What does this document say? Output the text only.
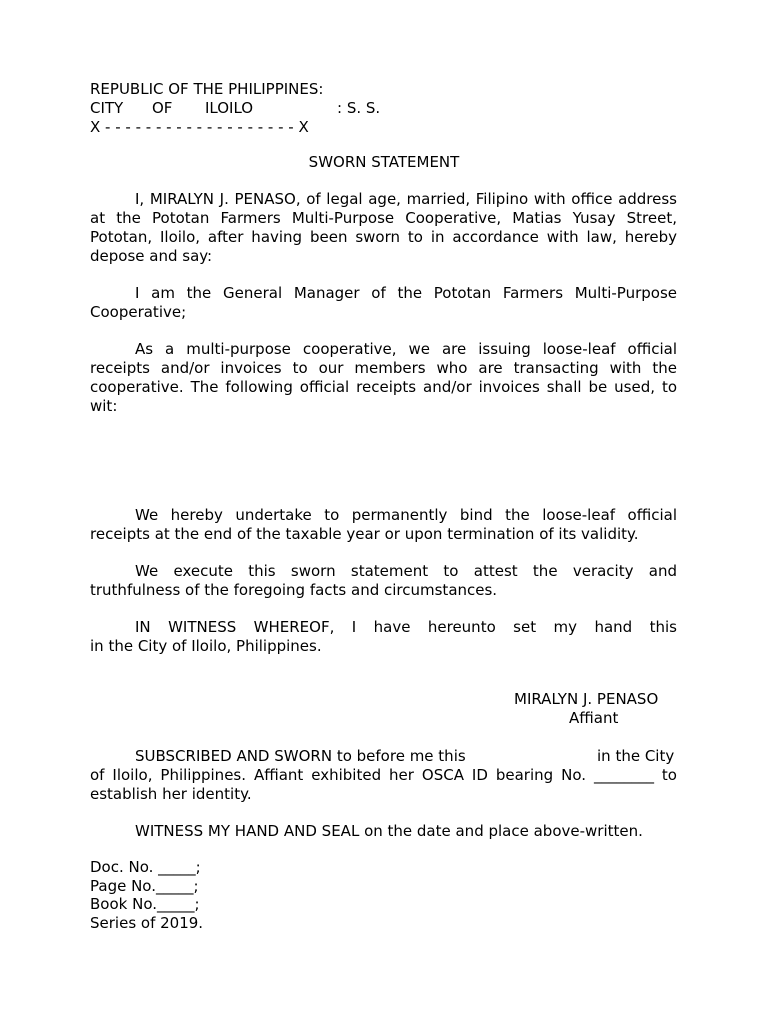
REPUBLIC OF THE PHILIPPINES:
CITY OF ILOILO	: S. S.
X - - - - - - - - - - - - - - - - - - - X
SWORN STATEMENT
I, MIRALYN J. PENASO, of legal age, married, Filipino with office address at the Pototan Farmers Multi-Purpose Cooperative, Matias Yusay Street, Pototan, Iloilo, after having been sworn to in accordance with law, hereby depose and say:
I am the General Manager of the Pototan Farmers Multi-Purpose Cooperative;
As a multi-purpose cooperative, we are issuing loose-leaf official receipts and/or invoices to our members who are transacting with the cooperative. The following official receipts and/or invoices shall be used, to wit:
We hereby undertake to permanently bind the loose-leaf official receipts at the end of the taxable year or upon termination of its validity.
We execute this sworn statement to attest the veracity and truthfulness of the foregoing facts and circumstances.
IN WITNESS WHEREOF, I have hereunto set my hand this
in the City of Iloilo, Philippines.
MIRALYN J. PENASO
Affiant
SUBSCRIBED AND SWORN to before me this	in the City
of Iloilo, Philippines. Affiant exhibited her OSCA ID bearing No. ________ to
establish her identity.
WITNESS MY HAND AND SEAL on the date and place above-written.
Doc. No. _____;
Page No._____;
Book No._____;
Series of 2019.
